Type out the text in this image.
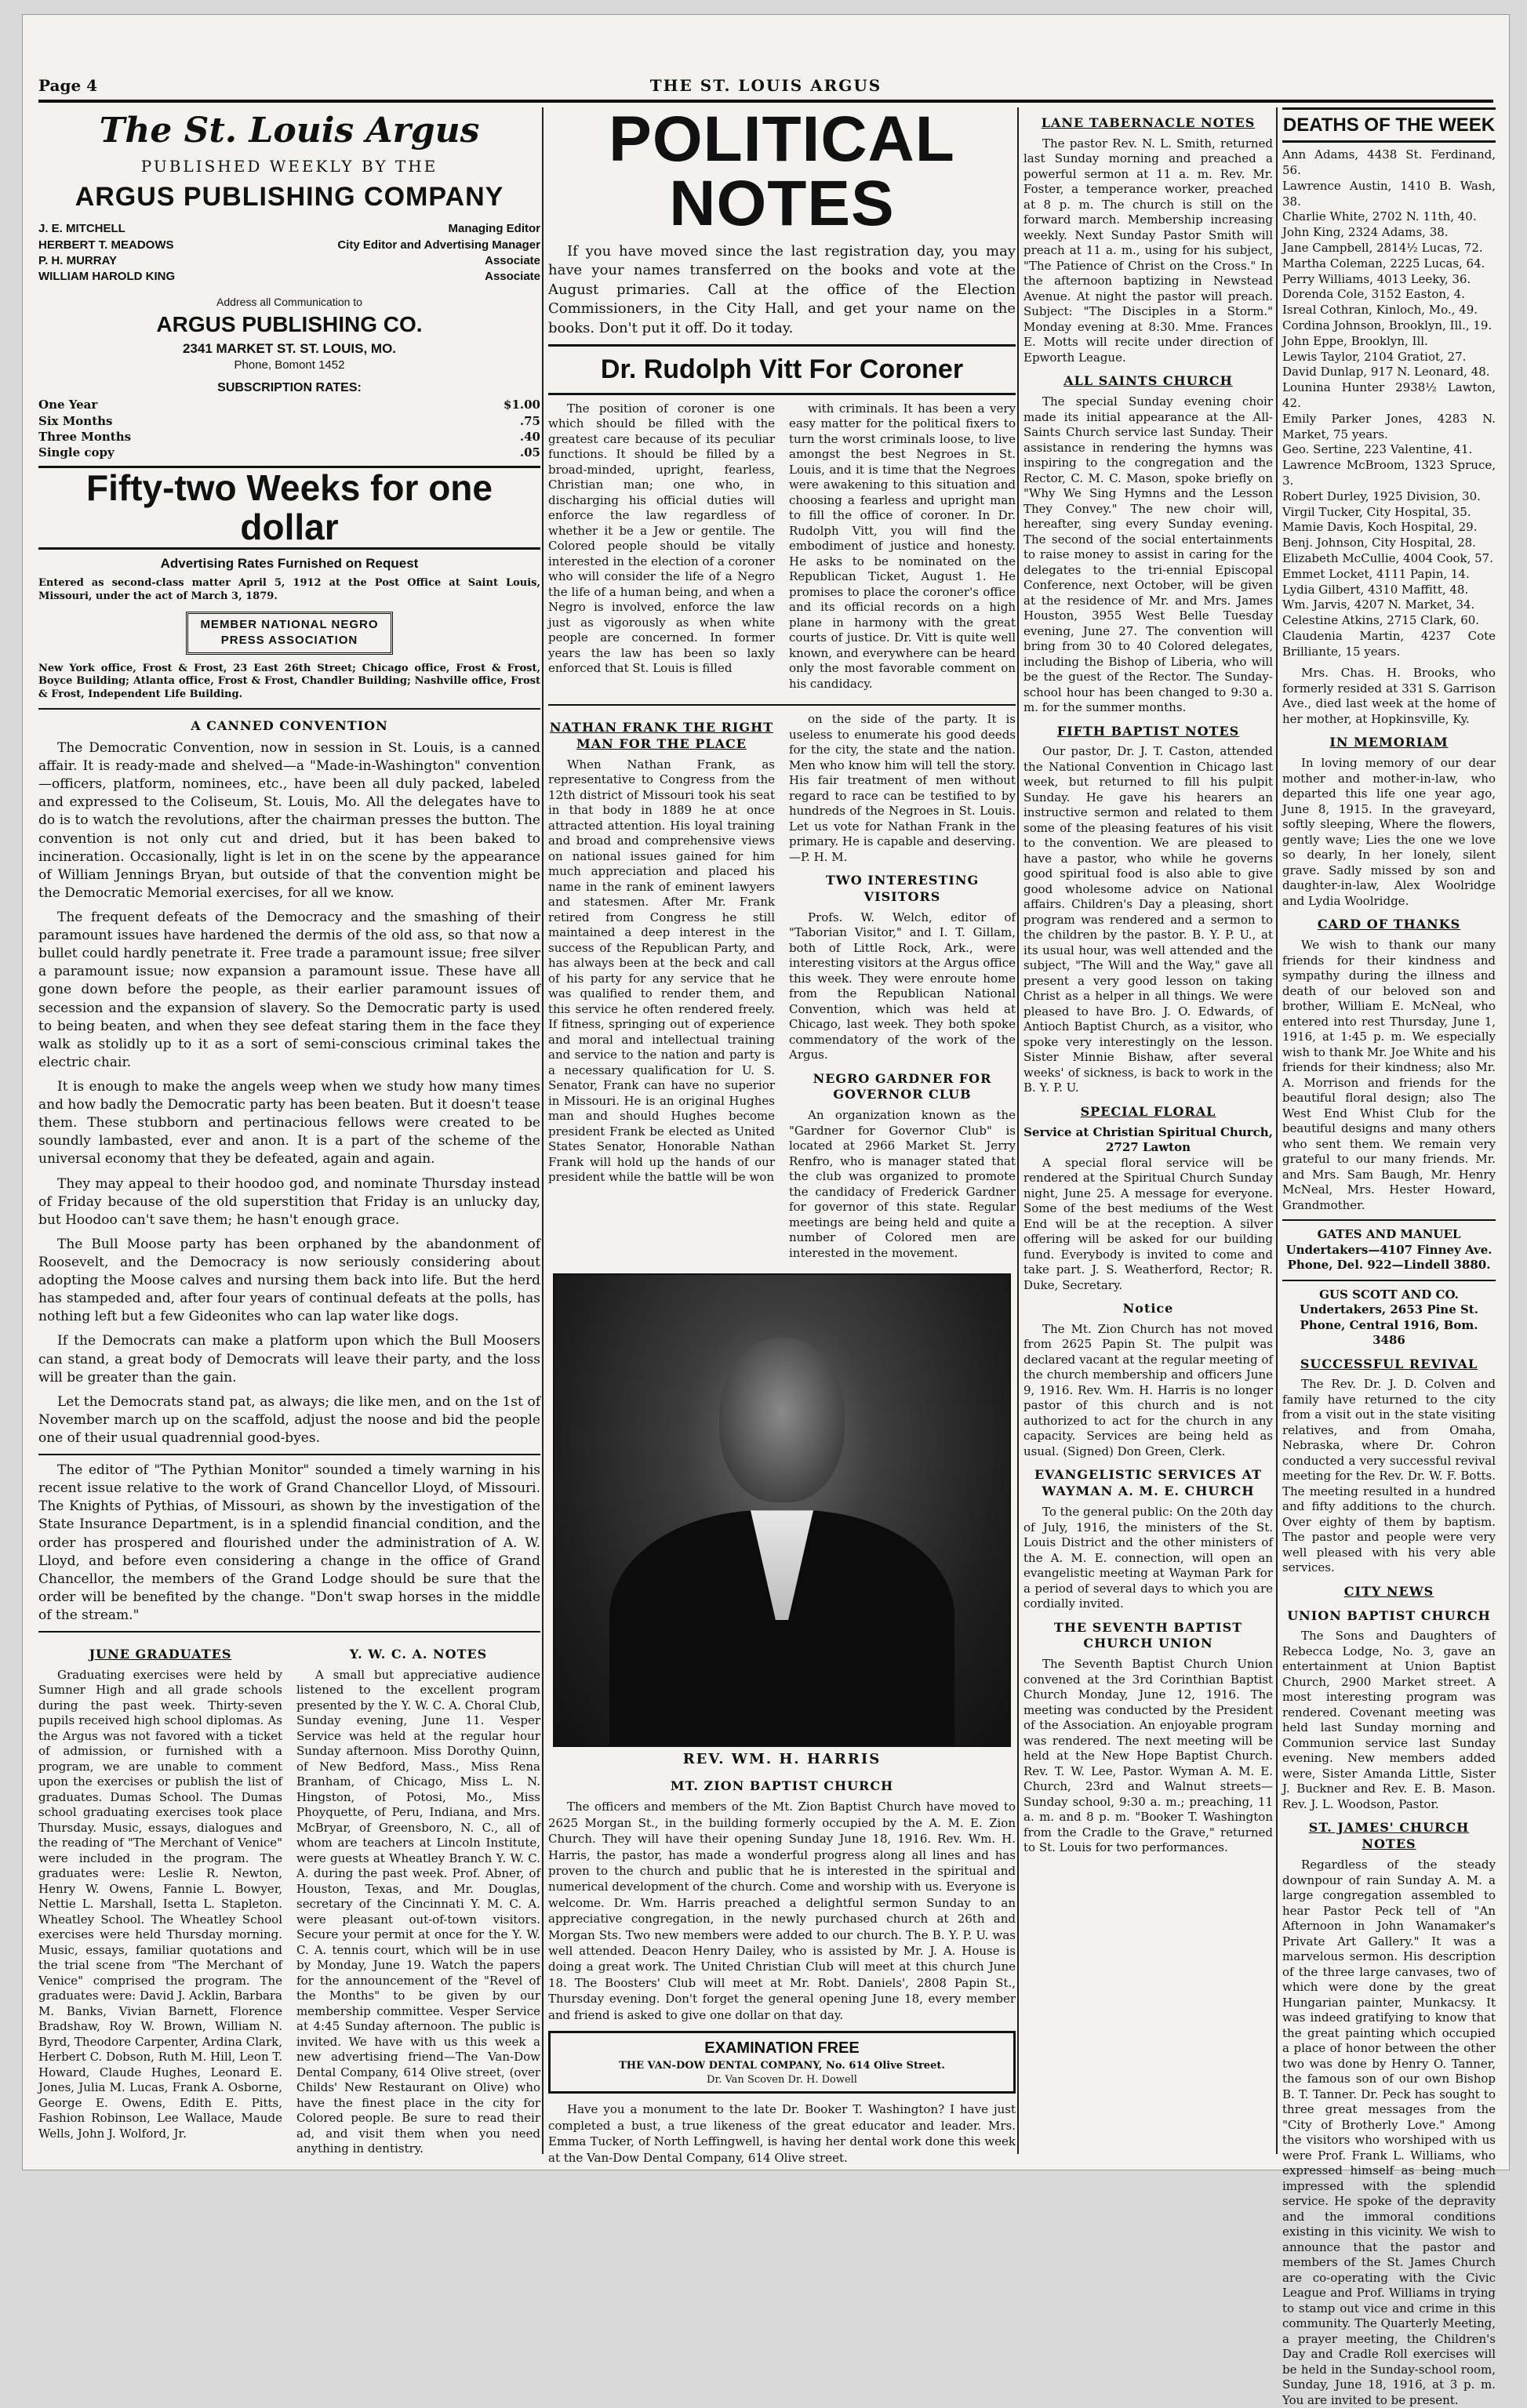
Page 4	THE ST. LOUIS ARGUS
The St. Louis Argus
PUBLISHED WEEKLY BY THE
ARGUS PUBLISHING COMPANY
J. E. MITCHELL	Managing Editor
HERBERT T. MEADOWS	City Editor and Advertising Manager
P. H. MURRAY	Associate
WILLIAM HAROLD KING	Associate
Address all Communication to
ARGUS PUBLISHING CO.
2341 MARKET ST. ST. LOUIS, MO.
Phone, Bomont 1452
SUBSCRIPTION RATES:
One Year	$1.00
Six Months	.75
Three Months	.40
Single copy	.05
Fifty-two Weeks for one dollar
Advertising Rates Furnished on Request
Entered as second-class matter April 5, 1912 at the Post Office at Saint Louis, Missouri, under the act of March 3, 1879.
MEMBER NATIONAL NEGRO PRESS ASSOCIATION
New York office, Frost & Frost, 23 East 26th Street; Chicago office, Frost & Frost, Boyce Building; Atlanta office, Frost & Frost, Chandler Building; Nashville office, Frost & Frost, Independent Life Building.
A CANNED CONVENTION

The Democratic Convention, now in session in St. Louis, is a canned affair. It is ready-made and shelved—a "Made-in-Washington" convention—officers, platform, nominees, etc., have been all duly packed, labeled and expressed to the Coliseum, St. Louis, Mo. All the delegates have to do is to watch the revolutions, after the chairman presses the button. The convention is not only cut and dried, but it has been baked to incineration. Occasionally, light is let in on the scene by the appearance of William Jennings Bryan, but outside of that the convention might be the Democratic Memorial exercises, for all we know.

The frequent defeats of the Democracy and the smashing of their paramount issues have hardened the dermis of the old ass, so that now a bullet could hardly penetrate it. Free trade a paramount issue; free silver a paramount issue; now expansion a paramount issue. These have all gone down before the people, as their earlier paramount issues of secession and the expansion of slavery. So the Democratic party is used to being beaten, and when they see defeat staring them in the face they walk as stolidly up to it as a sort of semi-conscious criminal takes the electric chair.

It is enough to make the angels weep when we study how many times and how badly the Democratic party has been beaten. But it doesn't tease them. These stubborn and pertinacious fellows were created to be soundly lambasted, ever and anon. It is a part of the scheme of the universal economy that they be defeated, again and again.

They may appeal to their hoodoo god, and nominate Thursday instead of Friday because of the old superstition that Friday is an unlucky day, but Hoodoo can't save them; he hasn't enough grace.

The Bull Moose party has been orphaned by the abandonment of Roosevelt, and the Democracy is now seriously considering about adopting the Moose calves and nursing them back into life. But the herd has stampeded and, after four years of continual defeats at the polls, has nothing left but a few Gideonites who can lap water like dogs.

If the Democrats can make a platform upon which the Bull Moosers can stand, a great body of Democrats will leave their party, and the loss will be greater than the gain.

Let the Democrats stand pat, as always; die like men, and on the 1st of November march up on the scaffold, adjust the noose and bid the people one of their usual quadrennial good-byes.

The editor of "The Pythian Monitor" sounded a timely warning in his recent issue relative to the work of Grand Chancellor Lloyd, of Missouri. The Knights of Pythias, of Missouri, as shown by the investigation of the State Insurance Department, is in a splendid financial condition, and the order has prospered and flourished under the administration of A. W. Lloyd, and before even considering a change in the office of Grand Chancellor, the members of the Grand Lodge should be sure that the order will be benefited by the change. "Don't swap horses in the middle of the stream."

JUNE GRADUATES

Graduating exercises were held by Sumner High and all grade schools during the past week. Thirty-seven pupils received high school diplomas. As the Argus was not favored with a ticket of admission, or furnished with a program, we are unable to comment upon the exercises or publish the list of graduates. Dumas School. The Dumas school graduating exercises took place Thursday. Music, essays, dialogues and the reading of "The Merchant of Venice" were included in the program. The graduates were: Leslie R. Newton, Henry W. Owens, Fannie L. Bowyer, Nettie L. Marshall, Isetta L. Stapleton. Wheatley School. The Wheatley School exercises were held Thursday morning. Music, essays, familiar quotations and the trial scene from "The Merchant of Venice" comprised the program. The graduates were: David J. Acklin, Barbara M. Banks, Vivian Barnett, Florence Bradshaw, Roy W. Brown, William N. Byrd, Theodore Carpenter, Ardina Clark, Herbert C. Dobson, Ruth M. Hill, Leon T. Howard, Claude Hughes, Leonard E. Jones, Julia M. Lucas, Frank A. Osborne, George E. Owens, Edith E. Pitts, Fashion Robinson, Lee Wallace, Maude Wells, John J. Wolford, Jr.

Y. W. C. A. NOTES

A small but appreciative audience listened to the excellent program presented by the Y. W. C. A. Choral Club, Sunday evening, June 11. Vesper Service was held at the regular hour Sunday afternoon. Miss Dorothy Quinn, of New Bedford, Mass., Miss Rena Branham, of Chicago, Miss L. N. Hingston, of Potosi, Mo., Miss Phoyquette, of Peru, Indiana, and Mrs. McBryar, of Greensboro, N. C., all of whom are teachers at Lincoln Institute, were guests at Wheatley Branch Y. W. C. A. during the past week. Prof. Abner, of Houston, Texas, and Mr. Douglas, secretary of the Cincinnati Y. M. C. A. were pleasant out-of-town visitors. Secure your permit at once for the Y. W. C. A. tennis court, which will be in use by Monday, June 19. Watch the papers for the announcement of the "Revel of the Months" to be given by our membership committee. Vesper Service at 4:45 Sunday afternoon. The public is invited. We have with us this week a new advertising friend—The Van-Dow Dental Company, 614 Olive street, (over Childs' New Restaurant on Olive) who have the finest place in the city for Colored people. Be sure to read their ad, and visit them when you need anything in dentistry.

POLITICAL NOTES

If you have moved since the last registration day, you may have your names transferred on the books and vote at the August primaries. Call at the office of the Election Commissioners, in the City Hall, and get your name on the books. Don't put it off. Do it today.

Dr. Rudolph Vitt For Coroner

The position of coroner is one which should be filled with the greatest care because of its peculiar functions. It should be filled by a broad-minded, upright, fearless, Christian man; one who, in discharging his official duties will enforce the law regardless of whether it be a Jew or gentile. The Colored people should be vitally interested in the election of a coroner who will consider the life of a Negro the life of a human being, and when a Negro is involved, enforce the law just as vigorously as when white people are concerned. In former years the law has been so laxly enforced that St. Louis is filled

with criminals. It has been a very easy matter for the political fixers to turn the worst criminals loose, to live amongst the best Negroes in St. Louis, and it is time that the Negroes were awakening to this situation and choosing a fearless and upright man to fill the office of coroner. In Dr. Rudolph Vitt, you will find the embodiment of justice and honesty. He asks to be nominated on the Republican Ticket, August 1. He promises to place the coroner's office and its official records on a high plane in harmony with the great courts of justice. Dr. Vitt is quite well known, and everywhere can be heard only the most favorable comment on his candidacy.

NATHAN FRANK THE RIGHT MAN FOR THE PLACE

When Nathan Frank, as representative to Congress from the 12th district of Missouri took his seat in that body in 1889 he at once attracted attention. His loyal training and broad and comprehensive views on national issues gained for him much appreciation and placed his name in the rank of eminent lawyers and statesmen. After Mr. Frank retired from Congress he still maintained a deep interest in the success of the Republican Party, and has always been at the beck and call of his party for any service that he was qualified to render them, and this service he often rendered freely. If fitness, springing out of experience and moral and intellectual training and service to the nation and party is a necessary qualification for U. S. Senator, Frank can have no superior in Missouri. He is an original Hughes man and should Hughes become president Frank be elected as United States Senator, Honorable Nathan Frank will hold up the hands of our president while the battle will be won

on the side of the party. It is useless to enumerate his good deeds for the city, the state and the nation. Men who know him will tell the story. His fair treatment of men without regard to race can be testified to by hundreds of the Negroes in St. Louis. Let us vote for Nathan Frank in the primary. He is capable and deserving.—P. H. M.

TWO INTERESTING VISITORS

Profs. W. Welch, editor of "Taborian Visitor," and I. T. Gillam, both of Little Rock, Ark., were interesting visitors at the Argus office this week. They were enroute home from the Republican National Convention, which was held at Chicago, last week. They both spoke commendatory of the work of the Argus.

NEGRO GARDNER FOR GOVERNOR CLUB

An organization known as the "Gardner for Governor Club" is located at 2966 Market St. Jerry Renfro, who is manager stated that the club was organized to promote the candidacy of Frederick Gardner for governor of this state. Regular meetings are being held and quite a number of Colored men are interested in the movement.

REV. WM. H. HARRIS
MT. ZION BAPTIST CHURCH

The officers and members of the Mt. Zion Baptist Church have moved to 2625 Morgan St., in the building formerly occupied by the A. M. E. Zion Church. They will have their opening Sunday June 18, 1916. Rev. Wm. H. Harris, the pastor, has made a wonderful progress along all lines and has proven to the church and public that he is interested in the spiritual and numerical development of the church. Come and worship with us. Everyone is welcome. Dr. Wm. Harris preached a delightful sermon Sunday to an appreciative congregation, in the newly purchased church at 26th and Morgan Sts. Two new members were added to our church. The B. Y. P. U. was well attended. Deacon Henry Dailey, who is assisted by Mr. J. A. House is doing a great work. The United Christian Club will meet at this church June 18. The Boosters' Club will meet at Mr. Robt. Daniels', 2808 Papin St., Thursday evening. Don't forget the general opening June 18, every member and friend is asked to give one dollar on that day.

EXAMINATION FREE
THE VAN-DOW DENTAL COMPANY, No. 614 Olive Street.
Dr. Van Scoven Dr. H. Dowell

Have you a monument to the late Dr. Booker T. Washington? I have just completed a bust, a true likeness of the great educator and leader. Mrs. Emma Tucker, of North Leffingwell, is having her dental work done this week at the Van-Dow Dental Company, 614 Olive street.

LANE TABERNACLE NOTES

The pastor Rev. N. L. Smith, returned last Sunday morning and preached a powerful sermon at 11 a. m. Rev. Mr. Foster, a temperance worker, preached at 8 p. m. The church is still on the forward march. Membership increasing weekly. Next Sunday Pastor Smith will preach at 11 a. m., using for his subject, "The Patience of Christ on the Cross." In the afternoon baptizing in Newstead Avenue. At night the pastor will preach. Subject: "The Disciples in a Storm." Monday evening at 8:30. Mme. Frances E. Motts will recite under direction of Epworth League.

ALL SAINTS CHURCH

The special Sunday evening choir made its initial appearance at the All-Saints Church service last Sunday. Their assistance in rendering the hymns was inspiring to the congregation and the Rector, C. M. C. Mason, spoke briefly on "Why We Sing Hymns and the Lesson They Convey." The new choir will, hereafter, sing every Sunday evening. The second of the social entertainments to raise money to assist in caring for the delegates to the tri-ennial Episcopal Conference, next October, will be given at the residence of Mr. and Mrs. James Houston, 3955 West Belle Tuesday evening, June 27. The convention will bring from 30 to 40 Colored delegates, including the Bishop of Liberia, who will be the guest of the Rector. The Sunday-school hour has been changed to 9:30 a. m. for the summer months.

FIFTH BAPTIST NOTES

Our pastor, Dr. J. T. Caston, attended the National Convention in Chicago last week, but returned to fill his pulpit Sunday. He gave his hearers an instructive sermon and related to them some of the pleasing features of his visit to the convention. We are pleased to have a pastor, who while he governs good spiritual food is also able to give good wholesome advice on National affairs. Children's Day a pleasing, short program was rendered and a sermon to the children by the pastor. B. Y. P. U., at its usual hour, was well attended and the subject, "The Will and the Way," gave all present a very good lesson on taking Christ as a helper in all things. We were pleased to have Bro. J. O. Edwards, of Antioch Baptist Church, as a visitor, who spoke very interestingly on the lesson. Sister Minnie Bishaw, after several weeks' of sickness, is back to work in the B. Y. P. U.

SPECIAL FLORAL
Service at Christian Spiritual Church, 2727 Lawton

A special floral service will be rendered at the Spiritual Church Sunday night, June 25. A message for everyone. Some of the best mediums of the West End will be at the reception. A silver offering will be asked for our building fund. Everybody is invited to come and take part. J. S. Weatherford, Rector; R. Duke, Secretary.

Notice

The Mt. Zion Church has not moved from 2625 Papin St. The pulpit was declared vacant at the regular meeting of the church membership and officers June 9, 1916. Rev. Wm. H. Harris is no longer pastor of this church and is not authorized to act for the church in any capacity. Services are being held as usual. (Signed) Don Green, Clerk.

EVANGELISTIC SERVICES AT WAYMAN A. M. E. CHURCH

To the general public: On the 20th day of July, 1916, the ministers of the St. Louis District and the other ministers of the A. M. E. connection, will open an evangelistic meeting at Wayman Park for a period of several days to which you are cordially invited.

THE SEVENTH BAPTIST CHURCH UNION

The Seventh Baptist Church Union convened at the 3rd Corinthian Baptist Church Monday, June 12, 1916. The meeting was conducted by the President of the Association. An enjoyable program was rendered. The next meeting will be held at the New Hope Baptist Church. Rev. T. W. Lee, Pastor. Wyman A. M. E. Church, 23rd and Walnut streets—Sunday school, 9:30 a. m.; preaching, 11 a. m. and 8 p. m. "Booker T. Washington from the Cradle to the Grave," returned to St. Louis for two performances.

DEATHS OF THE WEEK
Ann Adams, 4438 St. Ferdinand, 56.
Lawrence Austin, 1410 B. Wash, 38.
Charlie White, 2702 N. 11th, 40.
John King, 2324 Adams, 38.
Jane Campbell, 2814½ Lucas, 72.
Martha Coleman, 2225 Lucas, 64.
Perry Williams, 4013 Leeky, 36.
Dorenda Cole, 3152 Easton, 4.
Isreal Cothran, Kinloch, Mo., 49.
Cordina Johnson, Brooklyn, Ill., 19.
John Eppe, Brooklyn, Ill.
Lewis Taylor, 2104 Gratiot, 27.
David Dunlap, 917 N. Leonard, 48.
Lounina Hunter 2938½ Lawton, 42.
Emily Parker Jones, 4283 N. Market, 75 years.
Geo. Sertine, 223 Valentine, 41.
Lawrence McBroom, 1323 Spruce, 3.
Robert Durley, 1925 Division, 30.
Virgil Tucker, City Hospital, 35.
Mamie Davis, Koch Hospital, 29.
Benj. Johnson, City Hospital, 28.
Elizabeth McCullie, 4004 Cook, 57.
Emmet Locket, 4111 Papin, 14.
Lydia Gilbert, 4310 Maffitt, 48.
Wm. Jarvis, 4207 N. Market, 34.
Celestine Atkins, 2715 Clark, 60.
Claudenia Martin, 4237 Cote Brilliante, 15 years.

Mrs. Chas. H. Brooks, who formerly resided at 331 S. Garrison Ave., died last week at the home of her mother, at Hopkinsville, Ky.

IN MEMORIAM

In loving memory of our dear mother and mother-in-law, who departed this life one year ago, June 8, 1915. In the graveyard, softly sleeping, Where the flowers, gently wave; Lies the one we love so dearly, In her lonely, silent grave. Sadly missed by son and daughter-in-law, Alex Woolridge and Lydia Woolridge.

CARD OF THANKS

We wish to thank our many friends for their kindness and sympathy during the illness and death of our beloved son and brother, William E. McNeal, who entered into rest Thursday, June 1, 1916, at 1:45 p. m. We especially wish to thank Mr. Joe White and his friends for their kindness; also Mr. A. Morrison and friends for the beautiful floral design; also The West End Whist Club for the beautiful designs and many others who sent them. We remain very grateful to our many friends. Mr. and Mrs. Sam Baugh, Mr. Henry McNeal, Mrs. Hester Howard, Grandmother.

GATES AND MANUEL Undertakers—4107 Finney Ave. Phone, Del. 922—Lindell 3880.
GUS SCOTT AND CO. Undertakers, 2653 Pine St. Phone, Central 1916, Bom. 3486
SUCCESSFUL REVIVAL

The Rev. Dr. J. D. Colven and family have returned to the city from a visit out in the state visiting relatives, and from Omaha, Nebraska, where Dr. Cohron conducted a very successful revival meeting for the Rev. Dr. W. F. Botts. The meeting resulted in a hundred and fifty additions to the church. Over eighty of them by baptism. The pastor and people were very well pleased with his very able services.

CITY NEWS
UNION BAPTIST CHURCH

The Sons and Daughters of Rebecca Lodge, No. 3, gave an entertainment at Union Baptist Church, 2900 Market street. A most interesting program was rendered. Covenant meeting was held last Sunday morning and Communion service last Sunday evening. New members added were, Sister Amanda Little, Sister J. Buckner and Rev. E. B. Mason. Rev. J. L. Woodson, Pastor.

ST. JAMES' CHURCH NOTES

Regardless of the steady downpour of rain Sunday A. M. a large congregation assembled to hear Pastor Peck tell of "An Afternoon in John Wanamaker's Private Art Gallery." It was a marvelous sermon. His description of the three large canvases, two of which were done by the great Hungarian painter, Munkacsy. It was indeed gratifying to know that the great painting which occupied a place of honor between the other two was done by Henry O. Tanner, the famous son of our own Bishop B. T. Tanner. Dr. Peck has sought to three great messages from the "City of Brotherly Love." Among the visitors who worshiped with us were Prof. Frank L. Williams, who expressed himself as being much impressed with the splendid service. He spoke of the depravity and the immoral conditions existing in this vicinity. We wish to announce that the pastor and members of the St. James Church are co-operating with the Civic League and Prof. Williams in trying to stamp out vice and crime in this community. The Quarterly Meeting, a prayer meeting, the Children's Day and Cradle Roll exercises will be held in the Sunday-school room, Sunday, June 18, 1916, at 3 p. m. You are invited to be present.
